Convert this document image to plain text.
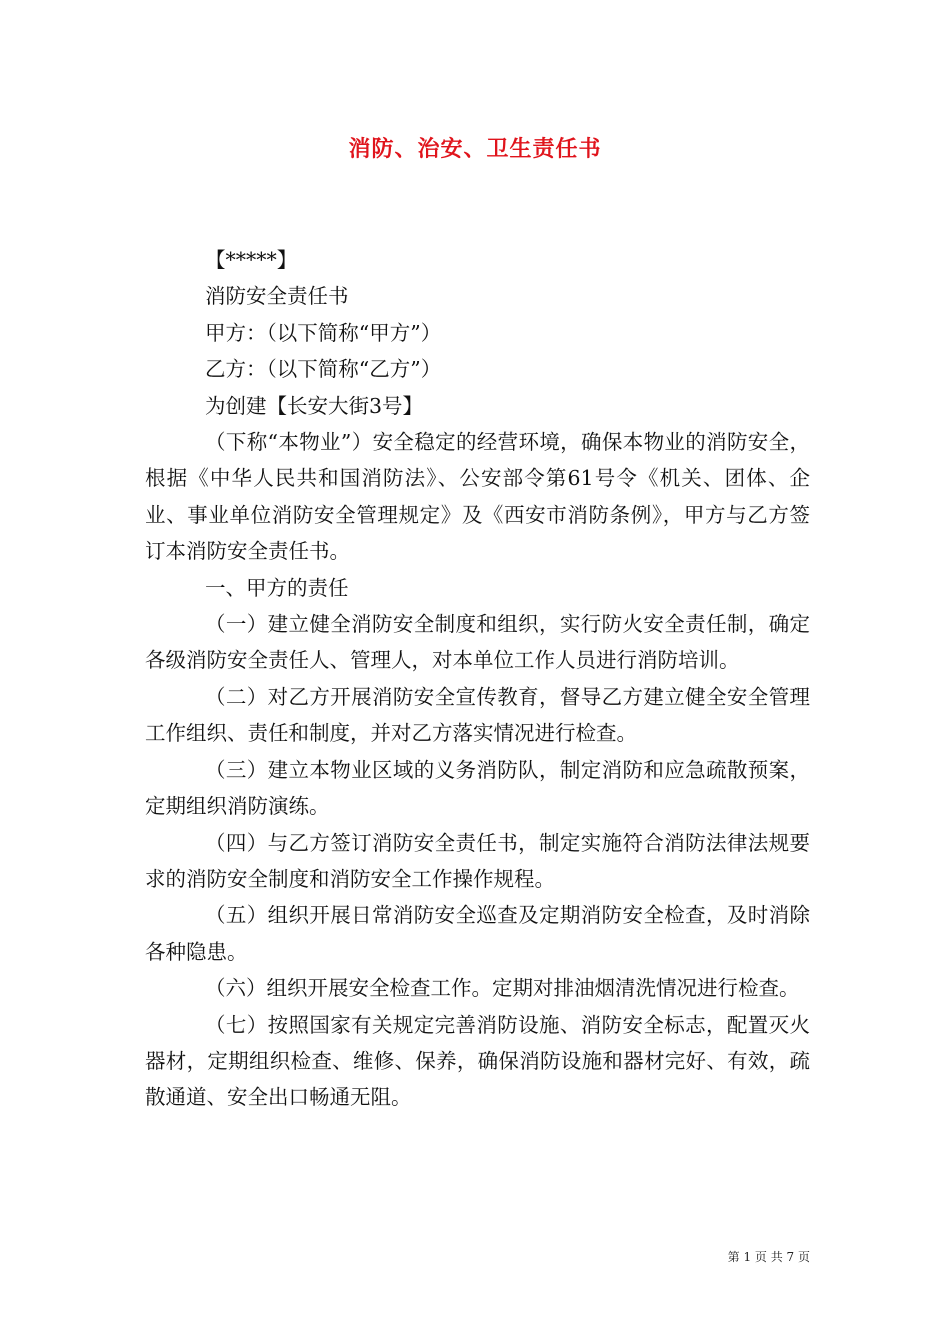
消防、治安、卫生责任书

【*****】

消防安全责任书

甲方：（以下简称“甲方”）

乙方：（以下简称“乙方”）

为创建【长安大街3号】

（下称“本物业”）安全稳定的经营环境，确保本物业的消防安全，根据《中华人民共和国消防法》、公安部令第61号令《机关、团体、企业、事业单位消防安全管理规定》及《西安市消防条例》，甲方与乙方签订本消防安全责任书。

一、甲方的责任

（一）建立健全消防安全制度和组织，实行防火安全责任制，确定各级消防安全责任人、管理人，对本单位工作人员进行消防培训。

（二）对乙方开展消防安全宣传教育，督导乙方建立健全安全管理工作组织、责任和制度，并对乙方落实情况进行检查。

（三）建立本物业区域的义务消防队，制定消防和应急疏散预案，定期组织消防演练。

（四）与乙方签订消防安全责任书，制定实施符合消防法律法规要求的消防安全制度和消防安全工作操作规程。

（五）组织开展日常消防安全巡查及定期消防安全检查，及时消除各种隐患。

（六）组织开展安全检查工作。定期对排油烟清洗情况进行检查。

（七）按照国家有关规定完善消防设施、消防安全标志，配置灭火器材，定期组织检查、维修、保养，确保消防设施和器材完好、有效，疏散通道、安全出口畅通无阻。

第 1 页 共 7 页
